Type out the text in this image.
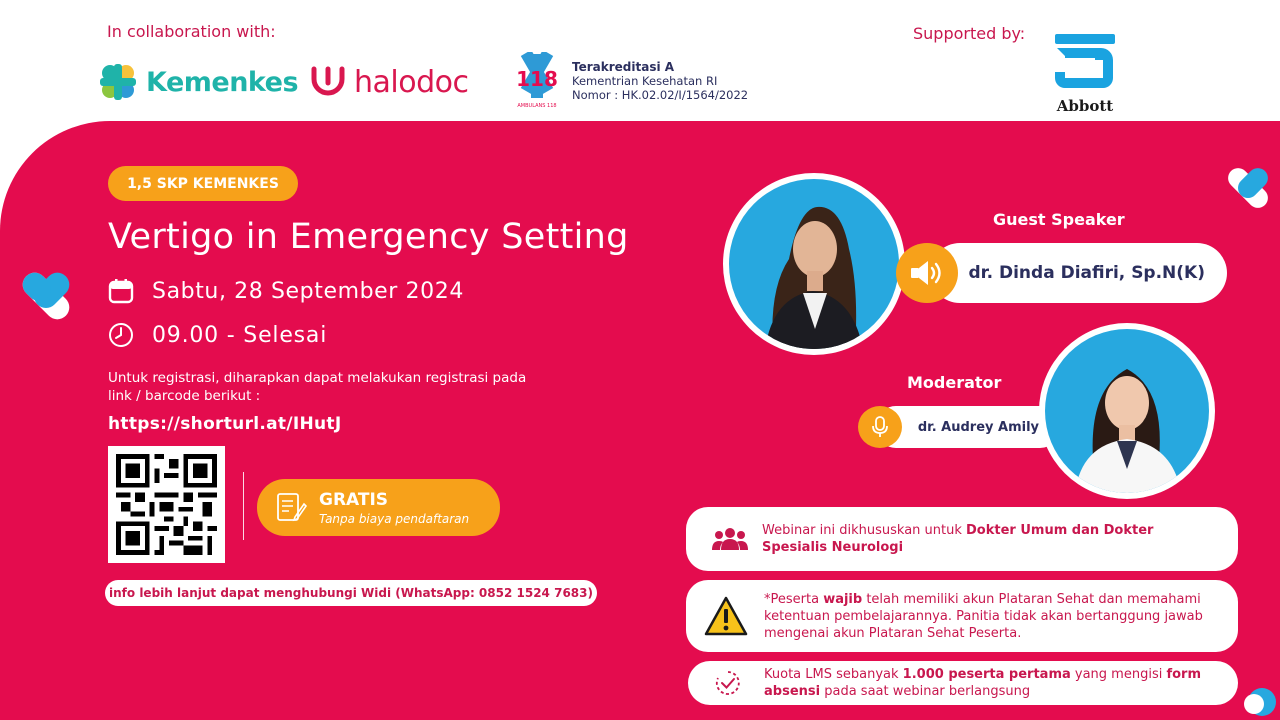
In collaboration with:	Supported by:
Kemenkes halodoc 118
AMBULANS 118
Terakreditasi A
Kementrian Kesehatan RI
Nomor : HK.02.02/I/1564/2022
Abbott
1,5 SKP KEMENKES
Vertigo in Emergency Setting
Sabtu, 28 September 2024
09.00 - Selesai
Untuk registrasi, diharapkan dapat melakukan registrasi pada link / barcode berikut :
https://shorturl.at/IHutJ
GRATIS
Tanpa biaya pendaftaran
info lebih lanjut dapat menghubungi Widi (WhatsApp: 0852 1524 7683)
Guest Speaker
dr. Dinda Diafiri, Sp.N(K)
Moderator
dr. Audrey Amily
Webinar ini dikhususkan untuk Dokter Umum dan Dokter Spesialis Neurologi
*Peserta wajib telah memiliki akun Plataran Sehat dan memahami ketentuan pembelajarannya. Panitia tidak akan bertanggung jawab mengenai akun Plataran Sehat Peserta.
Kuota LMS sebanyak 1.000 peserta pertama yang mengisi form absensi pada saat webinar berlangsung
